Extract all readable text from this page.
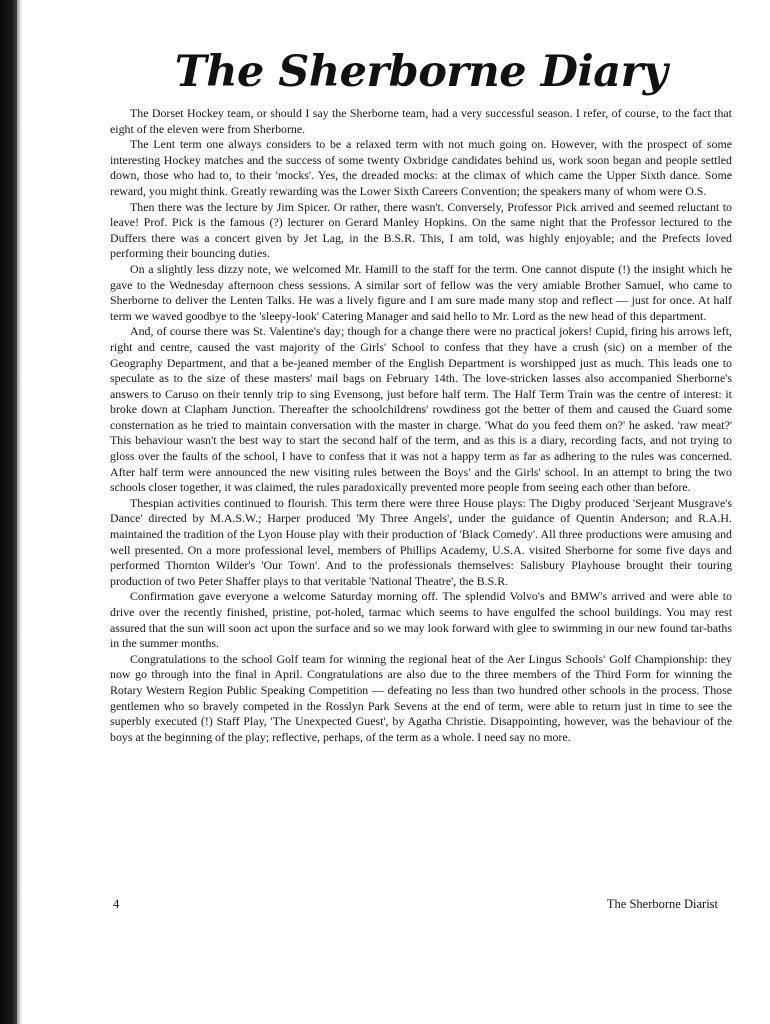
The Sherborne Diary

The Dorset Hockey team, or should I say the Sherborne team, had a very successful season. I refer, of course, to the fact that eight of the eleven were from Sherborne.

The Lent term one always considers to be a relaxed term with not much going on. However, with the prospect of some interesting Hockey matches and the success of some twenty Oxbridge candidates behind us, work soon began and people settled down, those who had to, to their 'mocks'. Yes, the dreaded mocks: at the climax of which came the Upper Sixth dance. Some reward, you might think. Greatly rewarding was the Lower Sixth Careers Convention; the speakers many of whom were O.S.

Then there was the lecture by Jim Spicer. Or rather, there wasn't. Conversely, Professor Pick arrived and seemed reluctant to leave! Prof. Pick is the famous (?) lecturer on Gerard Manley Hopkins. On the same night that the Professor lectured to the Duffers there was a concert given by Jet Lag, in the B.S.R. This, I am told, was highly enjoyable; and the Prefects loved performing their bouncing duties.

On a slightly less dizzy note, we welcomed Mr. Hamill to the staff for the term. One cannot dispute (!) the insight which he gave to the Wednesday afternoon chess sessions. A similar sort of fellow was the very amiable Brother Samuel, who came to Sherborne to deliver the Lenten Talks. He was a lively figure and I am sure made many stop and reflect — just for once. At half term we waved goodbye to the 'sleepy-look' Catering Manager and said hello to Mr. Lord as the new head of this department.

And, of course there was St. Valentine's day; though for a change there were no practical jokers! Cupid, firing his arrows left, right and centre, caused the vast majority of the Girls' School to confess that they have a crush (sic) on a member of the Geography Department, and that a be-jeaned member of the English Department is worshipped just as much. This leads one to speculate as to the size of these masters' mail bags on February 14th. The love-stricken lasses also accompanied Sherborne's answers to Caruso on their tennly trip to sing Evensong, just before half term. The Half Term Train was the centre of interest: it broke down at Clapham Junction. Thereafter the schoolchildrens' rowdiness got the better of them and caused the Guard some consternation as he tried to maintain conversation with the master in charge. 'What do you feed them on?' he asked. 'raw meat?' This behaviour wasn't the best way to start the second half of the term, and as this is a diary, recording facts, and not trying to gloss over the faults of the school, I have to confess that it was not a happy term as far as adhering to the rules was concerned. After half term were announced the new visiting rules between the Boys' and the Girls' school. In an attempt to bring the two schools closer together, it was claimed, the rules paradoxically prevented more people from seeing each other than before.

Thespian activities continued to flourish. This term there were three House plays: The Digby produced 'Serjeant Musgrave's Dance' directed by M.A.S.W.; Harper produced 'My Three Angels', under the guidance of Quentin Anderson; and R.A.H. maintained the tradition of the Lyon House play with their production of 'Black Comedy'. All three productions were amusing and well presented. On a more professional level, members of Phillips Academy, U.S.A. visited Sherborne for some five days and performed Thornton Wilder's 'Our Town'. And to the professionals themselves: Salisbury Playhouse brought their touring production of two Peter Shaffer plays to that veritable 'National Theatre', the B.S.R.

Confirmation gave everyone a welcome Saturday morning off. The splendid Volvo's and BMW's arrived and were able to drive over the recently finished, pristine, pot-holed, tarmac which seems to have engulfed the school buildings. You may rest assured that the sun will soon act upon the surface and so we may look forward with glee to swimming in our new found tar-baths in the summer months.

Congratulations to the school Golf team for winning the regional heat of the Aer Lingus Schools' Golf Championship: they now go through into the final in April. Congratulations are also due to the three members of the Third Form for winning the Rotary Western Region Public Speaking Competition — defeating no less than two hundred other schools in the process. Those gentlemen who so bravely competed in the Rosslyn Park Sevens at the end of term, were able to return just in time to see the superbly executed (!) Staff Play, 'The Unexpected Guest', by Agatha Christie. Disappointing, however, was the behaviour of the boys at the beginning of the play; reflective, perhaps, of the term as a whole. I need say no more.

4	The Sherborne Diarist
